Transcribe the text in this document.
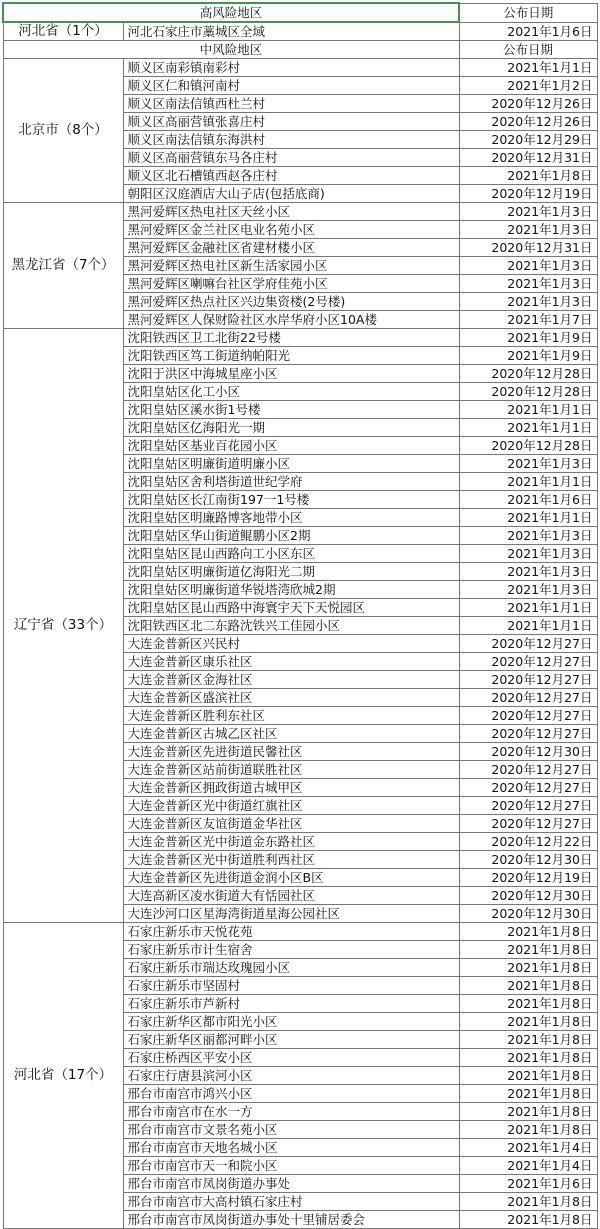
高风险地区		公布日期
河北省（1个）	河北石家庄市藁城区全域	2021年1月6日
中风险地区		公布日期
北京市（8个）	顺义区南彩镇南彩村	2021年1月1日
	顺义区仁和镇河南村	2021年1月2日
	顺义区南法信镇西杜兰村	2020年12月26日
	顺义区高丽营镇张喜庄村	2020年12月26日
	顺义区南法信镇东海洪村	2020年12月29日
	顺义区高丽营镇东马各庄村	2020年12月31日
	顺义区北石槽镇西赵各庄村	2021年1月8日
	朝阳区汉庭酒店大山子店(包括底商)	2020年12月19日
黑龙江省（7个）	黑河爱辉区热电社区天丝小区	2021年1月3日
	黑河爱辉区金兰社区电业名苑小区	2021年1月3日
	黑河爱辉区金融社区省建材楼小区	2020年12月31日
	黑河爱辉区热电社区新生活家园小区	2021年1月3日
	黑河爱辉区喇嘛台社区学府佳苑小区	2021年1月3日
	黑河爱辉区热点社区兴边集资楼(2号楼)	2021年1月3日
	黑河爱辉区人保财险社区水岸华府小区10A楼	2021年1月7日
辽宁省（33个）	沈阳铁西区卫工北街22号楼	2021年1月9日
	沈阳铁西区笃工街道纳帕阳光	2021年1月9日
	沈阳于洪区中海城星座小区	2020年12月28日
	沈阳皇姑区化工小区	2020年12月28日
	沈阳皇姑区溪水街1号楼	2021年1月1日
	沈阳皇姑区亿海阳光一期	2021年1月1日
	沈阳皇姑区基业百花园小区	2020年12月28日
	沈阳皇姑区明廉街道明廉小区	2021年1月3日
	沈阳皇姑区舍利塔街道世纪学府	2021年1月1日
	沈阳皇姑区长江南街197一1号楼	2021年1月6日
	沈阳皇姑区明廉路博客地带小区	2021年1月1日
	沈阳皇姑区华山街道鲲鹏小区2期	2021年1月3日
	沈阳皇姑区昆山西路向工小区东区	2021年1月3日
	沈阳皇姑区明廉街道亿海阳光二期	2021年1月3日
	沈阳皇姑区明廉街道华锐塔湾欣城2期	2021年1月3日
	沈阳皇姑区昆山西路中海寰宇天下天悦园区	2021年1月1日
	沈阳铁西区北二东路沈铁兴工佳园小区	2021年1月1日
	大连金普新区兴民村	2020年12月27日
	大连金普新区康乐社区	2020年12月27日
	大连金普新区金海社区	2020年12月27日
	大连金普新区盛滨社区	2020年12月27日
	大连金普新区胜利东社区	2020年12月27日
	大连金普新区古城乙区社区	2020年12月27日
	大连金普新区先进街道民馨社区	2020年12月30日
	大连金普新区站前街道联胜社区	2020年12月27日
	大连金普新区拥政街道古城甲区	2020年12月27日
	大连金普新区光中街道红旗社区	2020年12月27日
	大连金普新区友谊街道金华社区	2020年12月27日
	大连金普新区光中街道金东路社区	2020年12月22日
	大连金普新区光中街道胜利西社区	2020年12月30日
	大连金普新区先进街道金润小区B区	2020年12月19日
	大连高新区凌水街道大有恬园社区	2020年12月30日
	大连沙河口区星海湾街道星海公园社区	2020年12月30日
河北省（17个）	石家庄新乐市天悦花苑	2021年1月8日
	石家庄新乐市计生宿舍	2021年1月8日
	石家庄新乐市瑞达玫瑰园小区	2021年1月8日
	石家庄新乐市坚固村	2021年1月8日
	石家庄新乐市芦新村	2021年1月8日
	石家庄新华区都市阳光小区	2021年1月8日
	石家庄新华区丽都河畔小区	2021年1月8日
	石家庄桥西区平安小区	2021年1月8日
	石家庄行唐县滨河小区	2021年1月8日
	邢台市南宫市鸿兴小区	2021年1月8日
	邢台市南宫市在水一方	2021年1月8日
	邢台市南宫市文景名苑小区	2021年1月8日
	邢台市南宫市天地名城小区	2021年1月4日
	邢台市南宫市天一和院小区	2021年1月4日
	邢台市南宫市凤岗街道办事处	2021年1月6日
	邢台市南宫市大高村镇石家庄村	2021年1月8日
	邢台市南宫市凤岗街道办事处十里铺居委会	2021年1月8日
